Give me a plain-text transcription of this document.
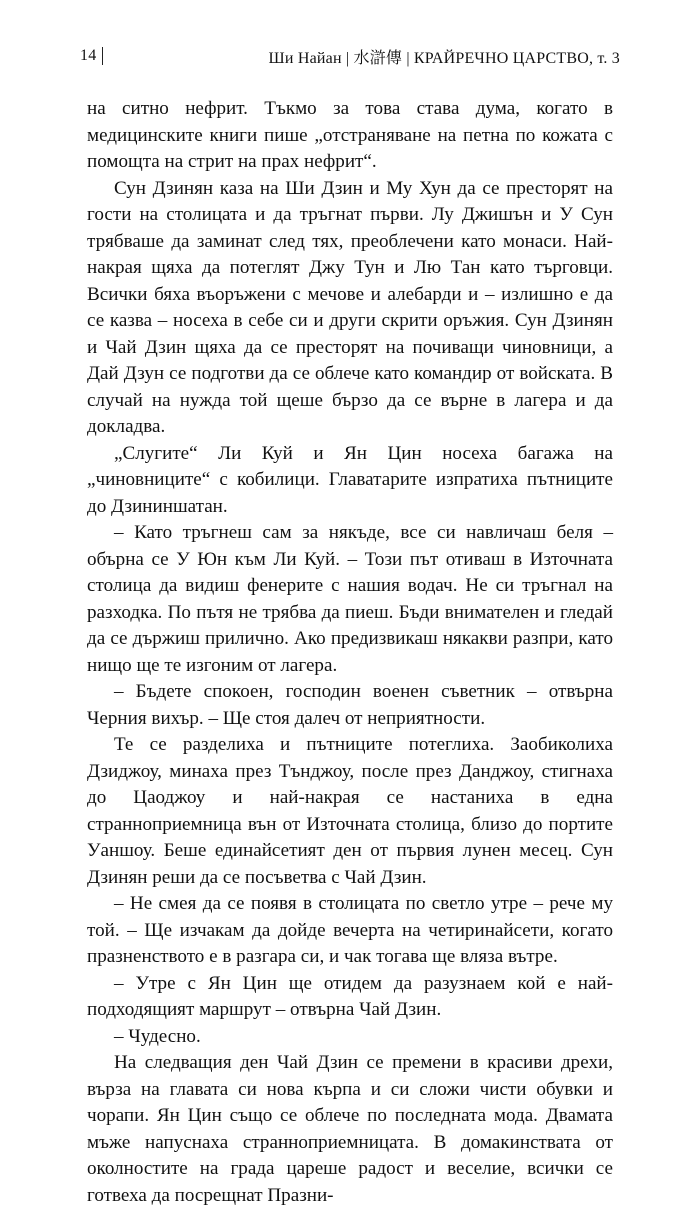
14	Ши Найан | 水滸傳 | КРАЙРЕЧНО ЦАРСТВО, т. 3

на ситно нефрит. Тъкмо за това става дума, когато в медицинските книги пише „отстраняване на петна по кожата с помощта на стрит на прах нефрит“.

Сун Дзинян каза на Ши Дзин и Му Хун да се престорят на гости на столицата и да тръгнат първи. Лу Джишън и У Сун трябваше да заминат след тях, преоблечени като монаси. Най-накрая щяха да потеглят Джу Тун и Лю Тан като търговци. Всички бяха въоръжени с мечове и алебарди и – излишно е да се казва – носеха в себе си и други скрити оръжия. Сун Дзинян и Чай Дзин щяха да се престорят на почиващи чиновници, а Дай Дзун се подготви да се облече като командир от войската. В случай на нужда той щеше бързо да се върне в лагера и да докладва.

„Слугите“ Ли Куй и Ян Цин носеха багажа на „чиновниците“ с кобилици. Главатарите изпратиха пътниците до Дзининшатан.

– Като тръгнеш сам за някъде, все си навличаш беля – обърна се У Юн към Ли Куй. – Този път отиваш в Източната столица да видиш фенерите с нашия водач. Не си тръгнал на разходка. По пътя не трябва да пиеш. Бъди внимателен и гледай да се държиш прилично. Ако предизвикаш някакви разпри, като нищо ще те изгоним от лагера.

– Бъдете спокоен, господин военен съветник – отвърна Черния вихър. – Ще стоя далеч от неприятности.

Те се разделиха и пътниците потеглиха. Заобиколиха Дзиджоу, минаха през Тънджоу, после през Данджоу, стигнаха до Цаоджоу и най-накрая се настаниха в една странноприемница вън от Източната столица, близо до портите Уаншоу. Беше единайсетият ден от първия лунен месец. Сун Дзинян реши да се посъветва с Чай Дзин.

– Не смея да се появя в столицата по светло утре – рече му той. – Ще изчакам да дойде вечерта на четиринайсети, когато празненството е в разгара си, и чак тогава ще вляза вътре.

– Утре с Ян Цин ще отидем да разузнаем кой е най-подходящият маршрут – отвърна Чай Дзин.

– Чудесно.

На следващия ден Чай Дзин се премени в красиви дрехи, върза на главата си нова кърпа и си сложи чисти обувки и чорапи. Ян Цин също се облече по последната мода. Двамата мъже напуснаха странноприемницата. В домакинствата от околностите на града цареше радост и веселие, всички се готвеха да посрещнат Празни-
